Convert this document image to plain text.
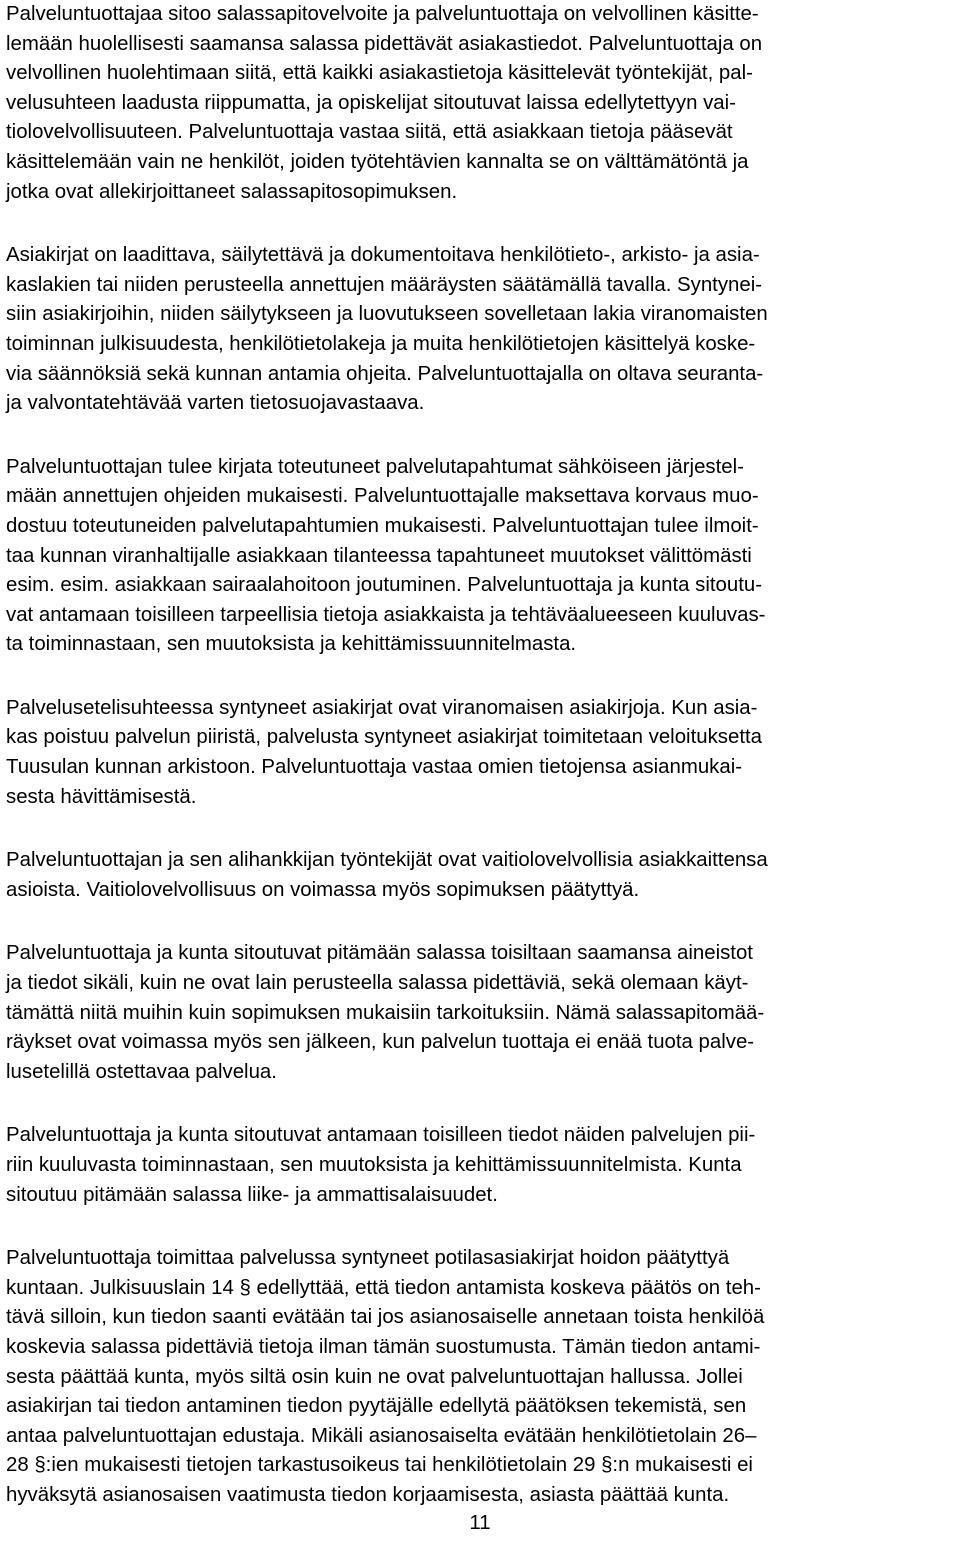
Palveluntuottajaa sitoo salassapitovelvoite ja palveluntuottaja on velvollinen käsitte-
lemään huolellisesti saamansa salassa pidettävät asiakastiedot. Palveluntuottaja on
velvollinen huolehtimaan siitä, että kaikki asiakastietoja käsittelevät työntekijät, pal-
velusuhteen laadusta riippumatta, ja opiskelijat sitoutuvat laissa edellytettyyn vai-
tiolovelvollisuuteen. Palveluntuottaja vastaa siitä, että asiakkaan tietoja pääsevät
käsittelemään vain ne henkilöt, joiden työtehtävien kannalta se on välttämätöntä ja
jotka ovat allekirjoittaneet salassapitosopimuksen.

Asiakirjat on laadittava, säilytettävä ja dokumentoitava henkilötieto-, arkisto- ja asia-
kaslakien tai niiden perusteella annettujen määräysten säätämällä tavalla. Syntynei-
siin asiakirjoihin, niiden säilytykseen ja luovutukseen sovelletaan lakia viranomaisten
toiminnan julkisuudesta, henkilötietolakeja ja muita henkilötietojen käsittelyä koske-
via säännöksiä sekä kunnan antamia ohjeita. Palveluntuottajalla on oltava seuranta-
ja valvontatehtävää varten tietosuojavastaava.

Palveluntuottajan tulee kirjata toteutuneet palvelutapahtumat sähköiseen järjestel-
mään annettujen ohjeiden mukaisesti. Palveluntuottajalle maksettava korvaus muo-
dostuu toteutuneiden palvelutapahtumien mukaisesti. Palveluntuottajan tulee ilmoit-
taa kunnan viranhaltijalle asiakkaan tilanteessa tapahtuneet muutokset välittömästi
esim. esim. asiakkaan sairaalahoitoon joutuminen. Palveluntuottaja ja kunta sitoutu-
vat antamaan toisilleen tarpeellisia tietoja asiakkaista ja tehtäväalueeseen kuuluvas-
ta toiminnastaan, sen muutoksista ja kehittämissuunnitelmasta.

Palvelusetelisuhteessa syntyneet asiakirjat ovat viranomaisen asiakirjoja. Kun asia-
kas poistuu palvelun piiristä, palvelusta syntyneet asiakirjat toimitetaan veloituksetta
Tuusulan kunnan arkistoon. Palveluntuottaja vastaa omien tietojensa asianmukai-
sesta hävittämisestä.

Palveluntuottajan ja sen alihankkijan työntekijät ovat vaitiolovelvollisia asiakkaittensa
asioista. Vaitiolovelvollisuus on voimassa myös sopimuksen päätyttyä.

Palveluntuottaja ja kunta sitoutuvat pitämään salassa toisiltaan saamansa aineistot
ja tiedot sikäli, kuin ne ovat lain perusteella salassa pidettäviä, sekä olemaan käyt-
tämättä niitä muihin kuin sopimuksen mukaisiin tarkoituksiin. Nämä salassapitomää-
räykset ovat voimassa myös sen jälkeen, kun palvelun tuottaja ei enää tuota palve-
lusetelillä ostettavaa palvelua.

Palveluntuottaja ja kunta sitoutuvat antamaan toisilleen tiedot näiden palvelujen pii-
riin kuuluvasta toiminnastaan, sen muutoksista ja kehittämissuunnitelmista. Kunta
sitoutuu pitämään salassa liike- ja ammattisalaisuudet.

Palveluntuottaja toimittaa palvelussa syntyneet potilasasiakirjat hoidon päätyttyä
kuntaan. Julkisuuslain 14 § edellyttää, että tiedon antamista koskeva päätös on teh-
tävä silloin, kun tiedon saanti evätään tai jos asianosaiselle annetaan toista henkilöä
koskevia salassa pidettäviä tietoja ilman tämän suostumusta. Tämän tiedon antami-
sesta päättää kunta, myös siltä osin kuin ne ovat palveluntuottajan hallussa. Jollei
asiakirjan tai tiedon antaminen tiedon pyytäjälle edellytä päätöksen tekemistä, sen
antaa palveluntuottajan edustaja. Mikäli asianosaiselta evätään henkilötietolain 26–
28 §:ien mukaisesti tietojen tarkastusoikeus tai henkilötietolain 29 §:n mukaisesti ei
hyväksytä asianosaisen vaatimusta tiedon korjaamisesta, asiasta päättää kunta.

11
